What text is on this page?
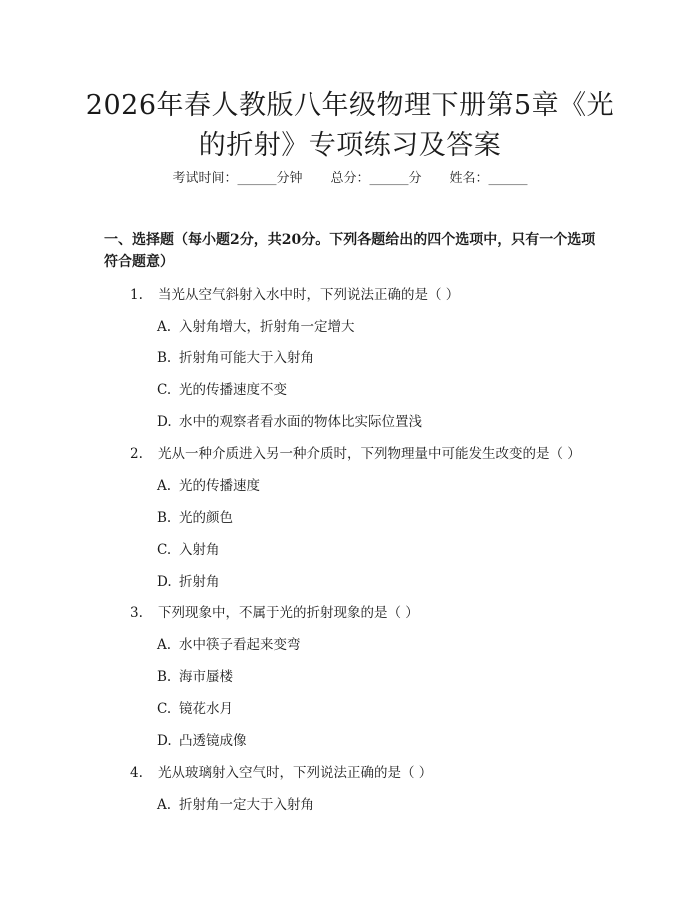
2026年春人教版八年级物理下册第5章《光
的折射》专项练习及答案
考试时间：______分钟 总分：______分 姓名：______
一、选择题（每小题2分，共20分。下列各题给出的四个选项中，只有一个选项符合题意）
1. 当光从空气斜射入水中时，下列说法正确的是（ ）
A. 入射角增大，折射角一定增大
B. 折射角可能大于入射角
C. 光的传播速度不变
D. 水中的观察者看水面的物体比实际位置浅
2. 光从一种介质进入另一种介质时，下列物理量中可能发生改变的是（ ）
A. 光的传播速度
B. 光的颜色
C. 入射角
D. 折射角
3. 下列现象中，不属于光的折射现象的是（ ）
A. 水中筷子看起来变弯
B. 海市蜃楼
C. 镜花水月
D. 凸透镜成像
4. 光从玻璃射入空气时，下列说法正确的是（ ）
A. 折射角一定大于入射角
